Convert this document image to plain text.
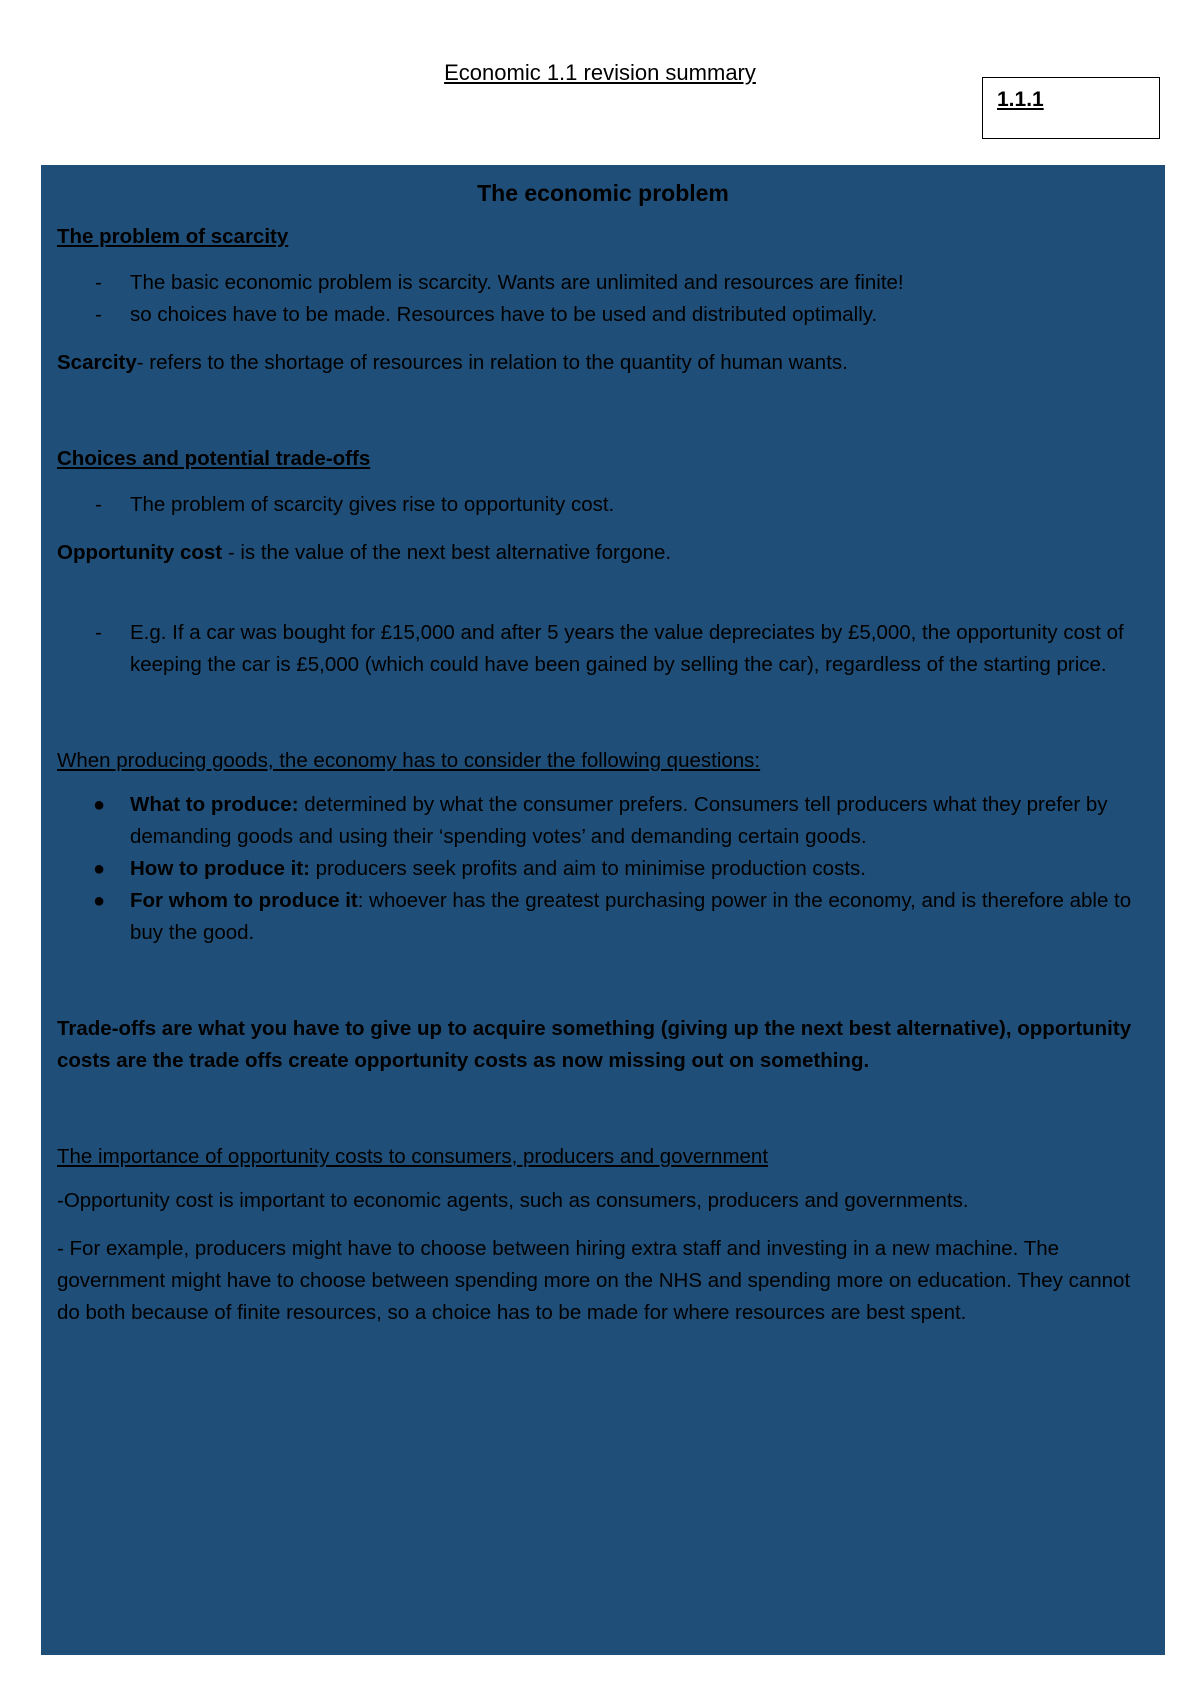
Economic 1.1 revision summary
1.1.1
The economic problem
The problem of scarcity
- The basic economic problem is scarcity. Wants are unlimited and resources are finite!
- so choices have to be made. Resources have to be used and distributed optimally.

Scarcity- refers to the shortage of resources in relation to the quantity of human wants.

Choices and potential trade-offs
- The problem of scarcity gives rise to opportunity cost.

Opportunity cost - is the value of the next best alternative forgone.

- E.g. If a car was bought for £15,000 and after 5 years the value depreciates by £5,000, the opportunity cost of keeping the car is £5,000 (which could have been gained by selling the car), regardless of the starting price.
When producing goods, the economy has to consider the following questions:
● What to produce: determined by what the consumer prefers. Consumers tell producers what they prefer by demanding goods and using their ‘spending votes’ and demanding certain goods.
● How to produce it: producers seek profits and aim to minimise production costs.
● For whom to produce it: whoever has the greatest purchasing power in the economy, and is therefore able to buy the good.

Trade-offs are what you have to give up to acquire something (giving up the next best alternative), opportunity costs are the trade offs create opportunity costs as now missing out on something.

The importance of opportunity costs to consumers, producers and government

-Opportunity cost is important to economic agents, such as consumers, producers and governments.

- For example, producers might have to choose between hiring extra staff and investing in a new machine. The government might have to choose between spending more on the NHS and spending more on education. They cannot do both because of finite resources, so a choice has to be made for where resources are best spent.
